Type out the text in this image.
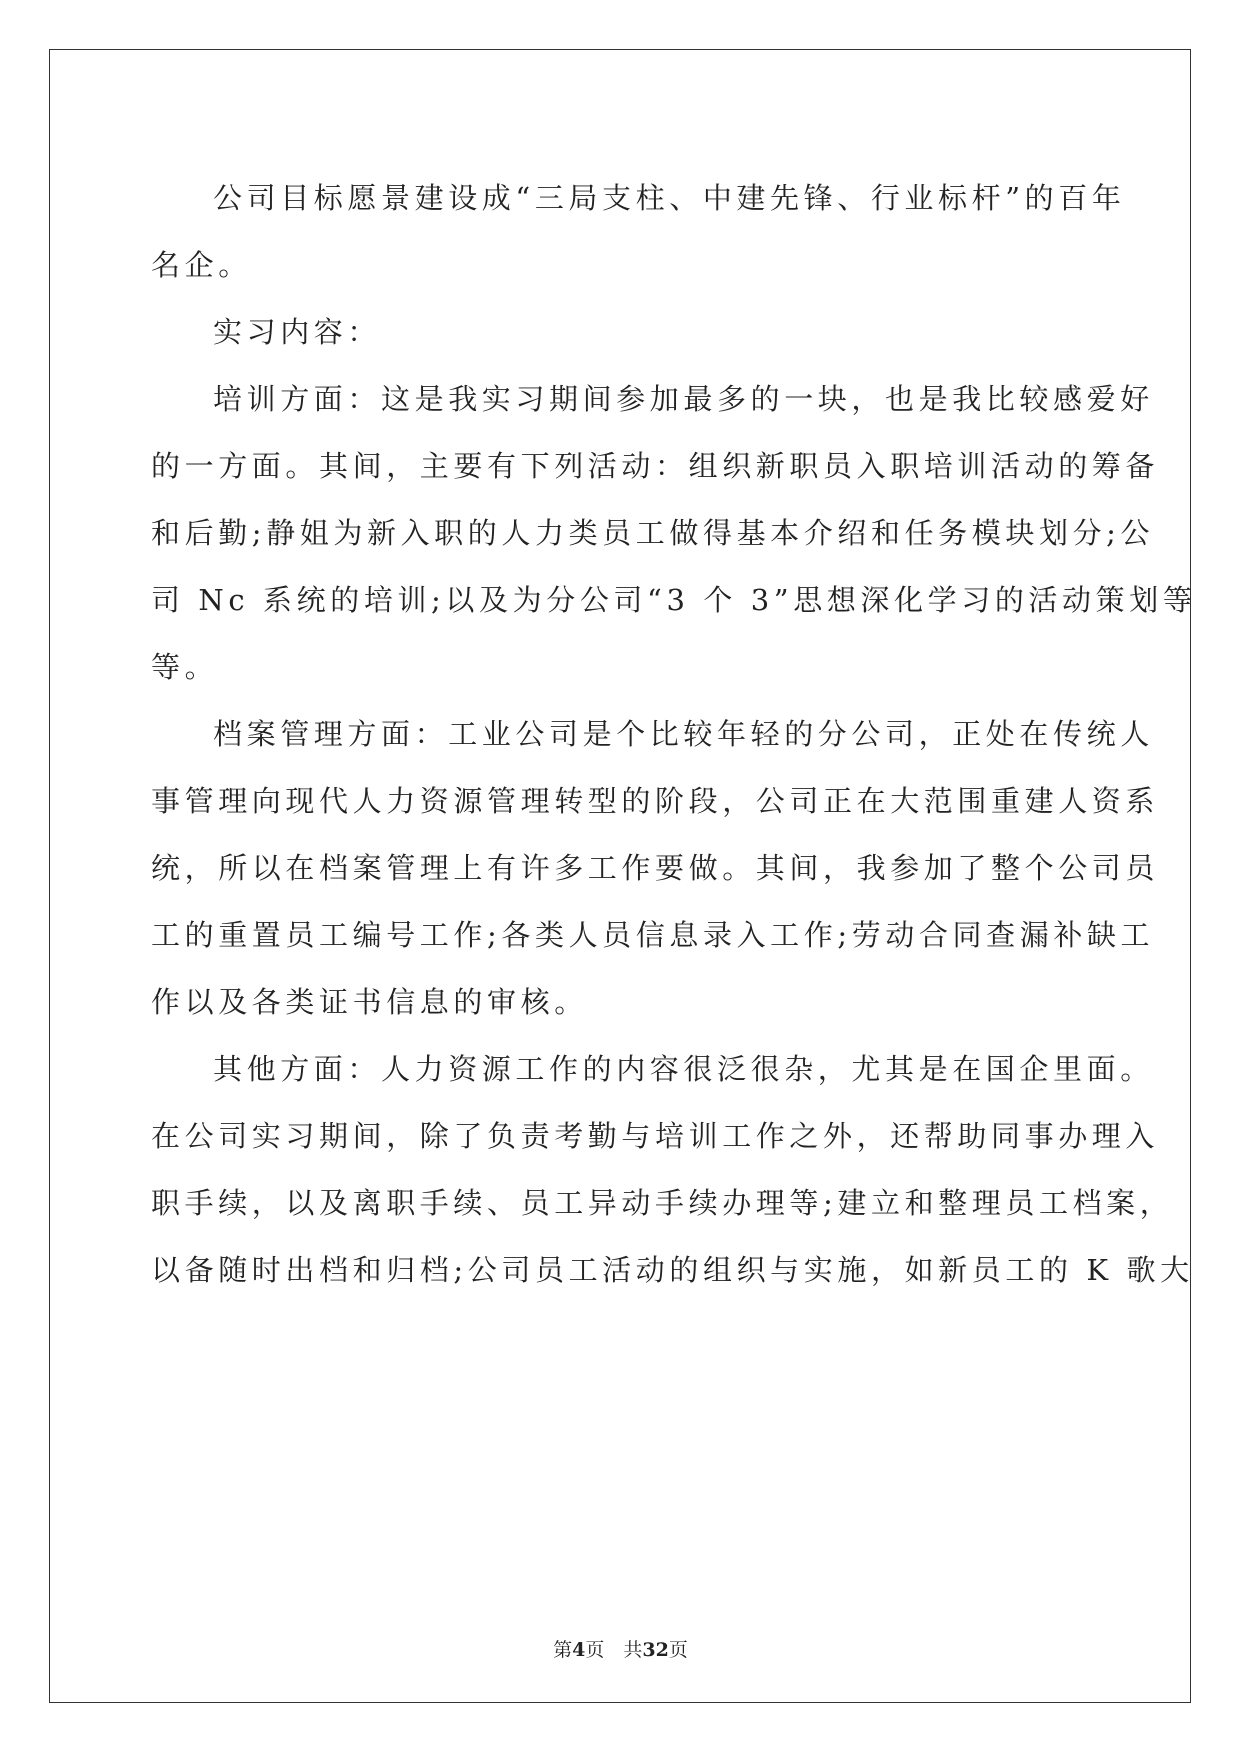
公司目标愿景建设成“三局支柱、中建先锋、行业标杆”的百年
名企。

实习内容：

培训方面：这是我实习期间参加最多的一块，也是我比较感爱好
的一方面。其间，主要有下列活动：组织新职员入职培训活动的筹备
和后勤;静姐为新入职的人力类员工做得基本介绍和任务模块划分;公
司 Nc 系统的培训;以及为分公司“3 个 3”思想深化学习的活动策划等
等。

档案管理方面：工业公司是个比较年轻的分公司，正处在传统人
事管理向现代人力资源管理转型的阶段，公司正在大范围重建人资系
统，所以在档案管理上有许多工作要做。其间，我参加了整个公司员
工的重置员工编号工作;各类人员信息录入工作;劳动合同查漏补缺工
作以及各类证书信息的审核。

其他方面：人力资源工作的内容很泛很杂，尤其是在国企里面。
在公司实习期间，除了负责考勤与培训工作之外，还帮助同事办理入
职手续，以及离职手续、员工异动手续办理等;建立和整理员工档案，
以备随时出档和归档;公司员工活动的组织与实施，如新员工的 K 歌大

第4页　共32页
